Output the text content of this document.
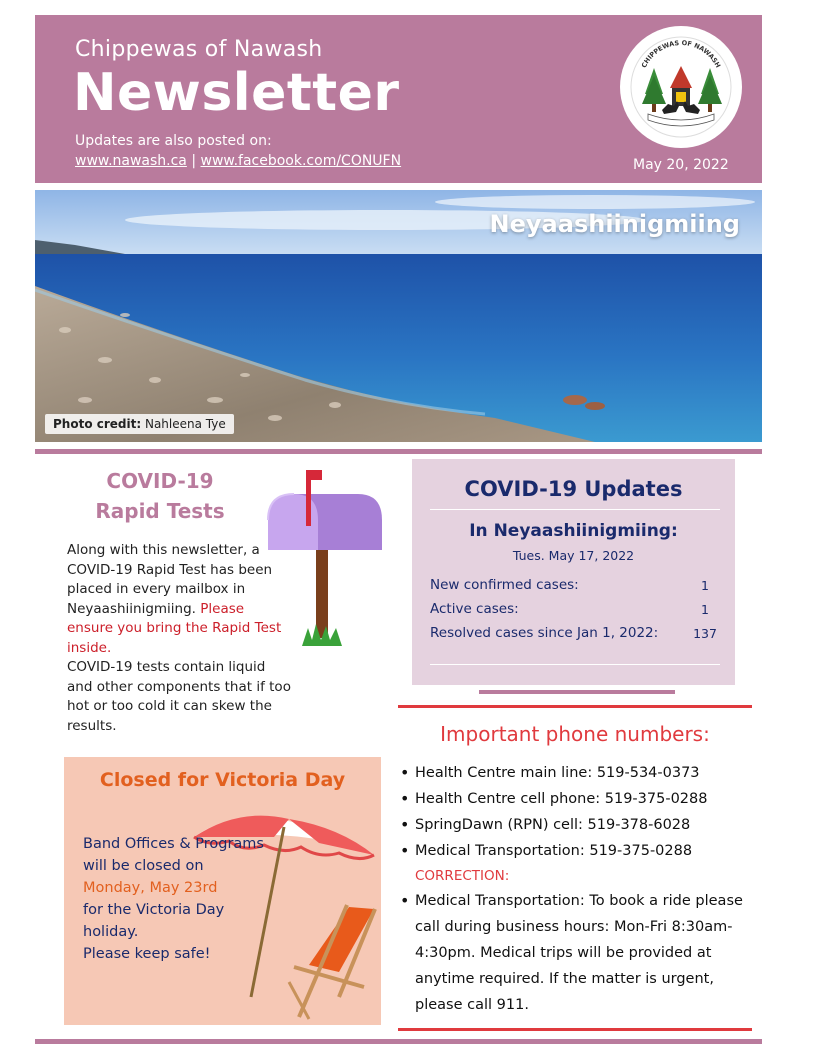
Chippewas of Nawash
Newsletter
Updates are also posted on:
www.nawash.ca | www.facebook.com/CONUFN
CHIPPEWAS OF NAWASH
May 20, 2022
Neyaashiinigmiing
Photo credit: Nahleena Tye
COVID-19
Rapid Tests
Along with this newsletter, a COVID-19 Rapid Test has been placed in every mailbox in Neyaashiinigmiing. Please ensure you bring the Rapid Test inside.
COVID-19 tests contain liquid and other components that if too hot or too cold it can skew the results.
COVID-19 Updates
In Neyaashiinigmiing:
Tues. May 17, 2022
New confirmed cases:	1
Active cases:	1
Resolved cases since Jan 1, 2022:	137
Important phone numbers:
• Health Centre main line: 519-534-0373
• Health Centre cell phone: 519-375-0288
• SpringDawn (RPN) cell: 519-378-6028
• Medical Transportation: 519-375-0288
CORRECTION:
• Medical Transportation: To book a ride please call during business hours: Mon-Fri 8:30am-4:30pm. Medical trips will be provided at anytime required. If the matter is urgent, please call 911.
Closed for Victoria Day
Band Offices & Programs will be closed on
Monday, May 23rd
for the Victoria Day holiday.
Please keep safe!
